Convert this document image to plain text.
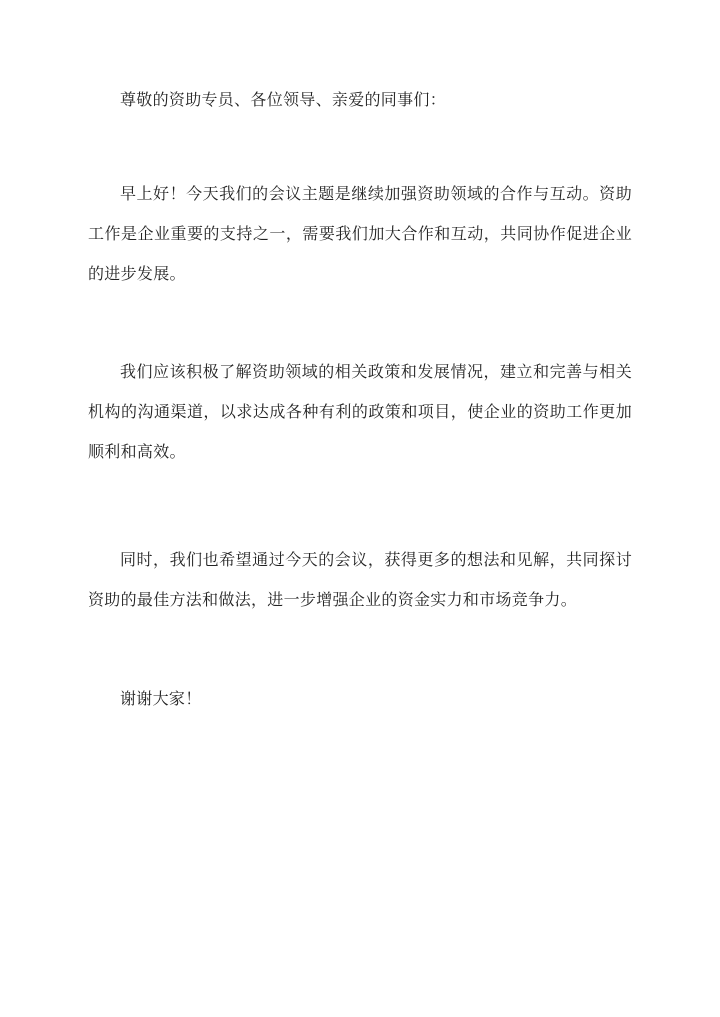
尊敬的资助专员、各位领导、亲爱的同事们：

早上好！今天我们的会议主题是继续加强资助领域的合作与互动。资助工作是企业重要的支持之一，需要我们加大合作和互动，共同协作促进企业的进步发展。

我们应该积极了解资助领域的相关政策和发展情况，建立和完善与相关机构的沟通渠道，以求达成各种有利的政策和项目，使企业的资助工作更加顺利和高效。

同时，我们也希望通过今天的会议，获得更多的想法和见解，共同探讨资助的最佳方法和做法，进一步增强企业的资金实力和市场竞争力。

谢谢大家！
